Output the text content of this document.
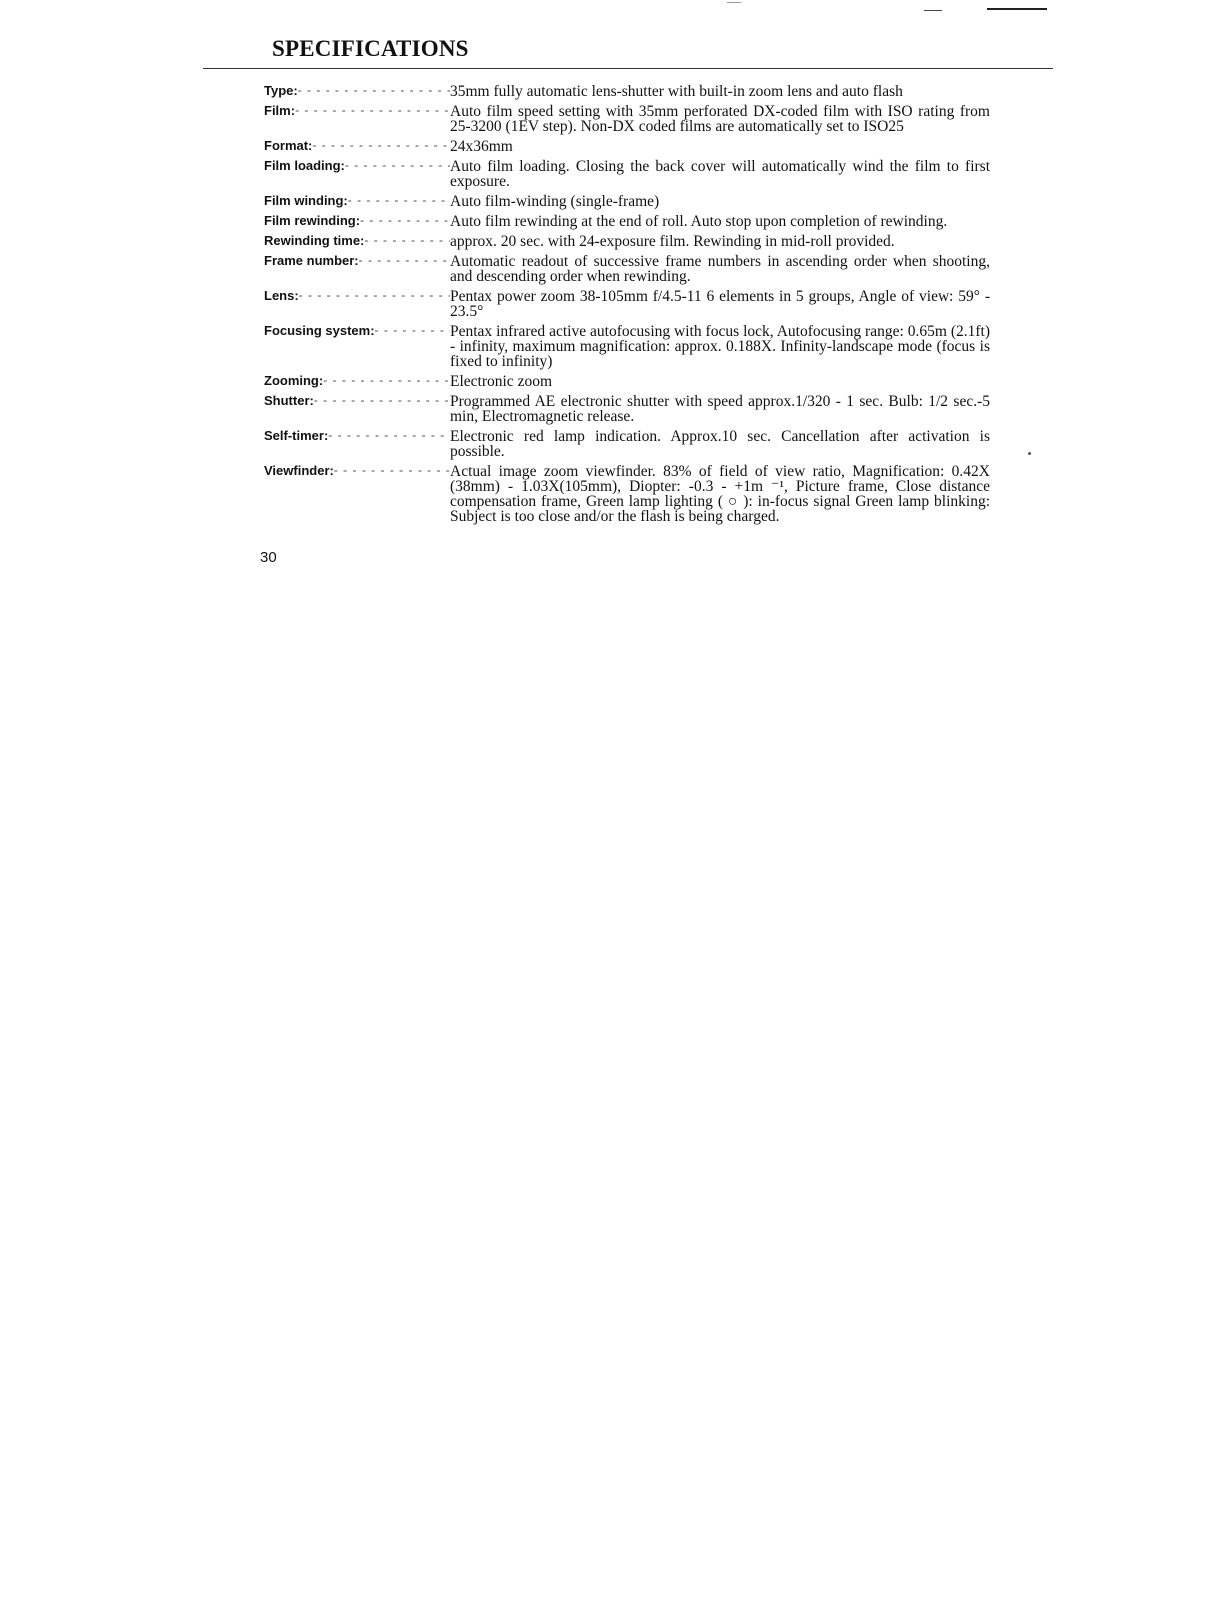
SPECIFICATIONS
Type: - - -	35mm fully automatic lens-shutter with built-in zoom lens and auto flash
Film: - - -	Auto film speed setting with 35mm perforated DX-coded film with ISO rating from 25-3200 (1EV step). Non-DX coded films are automatically set to ISO25
Format: - - -	24x36mm
Film loading: - - -	Auto film loading. Closing the back cover will automatically wind the film to first exposure.
Film winding: - - -	Auto film-winding (single-frame)
Film rewinding: - - -	Auto film rewinding at the end of roll. Auto stop upon completion of rewinding.
Rewinding time: - - -	approx. 20 sec. with 24-exposure film. Rewinding in mid-roll provided.
Frame number: - - -	Automatic readout of successive frame numbers in ascending order when shooting, and descending order when rewinding.
Lens: - - -	Pentax power zoom 38-105mm f/4.5-11 6 elements in 5 groups, Angle of view: 59° - 23.5°
Focusing system: - - -	Pentax infrared active autofocusing with focus lock, Autofocusing range: 0.65m (2.1ft) - infinity, maximum magnification: approx. 0.188X. Infinity-landscape mode (focus is fixed to infinity)
Zooming: - - -	Electronic zoom
Shutter: - - -	Programmed AE electronic shutter with speed approx.1/320 - 1 sec. Bulb: 1/2 sec.-5 min, Electromagnetic release.
Self-timer: - - -	Electronic red lamp indication. Approx.10 sec. Cancellation after activation is possible.
Viewfinder: - - -	Actual image zoom viewfinder. 83% of field of view ratio, Magnification: 0.42X (38mm) - 1.03X(105mm), Diopter: -0.3 - +1m ⁻¹, Picture frame, Close distance compensation frame, Green lamp lighting ( ○ ): in-focus signal Green lamp blinking: Subject is too close and/or the flash is being charged.
30
